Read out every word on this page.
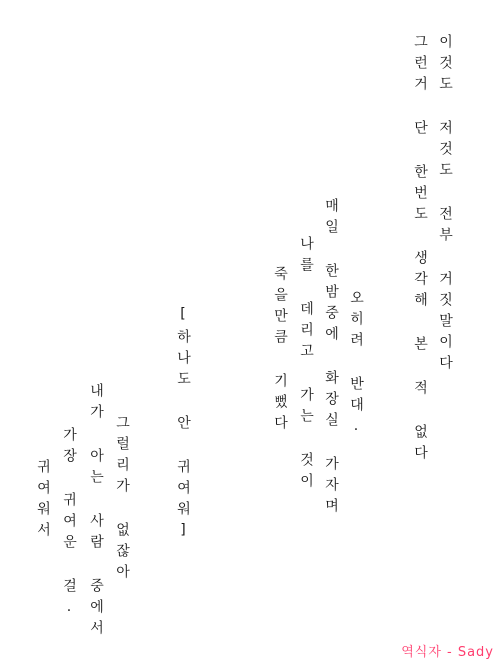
이것도 저것도 전부 거짓말이다
그런거 단 한번도 생각해 본 적 없다
오히려 반대.
매일 한밤중에 화장실 가자며
나를 데리고 가는 것이
죽을만큼 기뻤다
[하나도 안 귀여워]
그럴리가 없잖아
내가 아는 사람 중에서
가장 귀여운 걸.
귀여워서
역식자 - Sady
